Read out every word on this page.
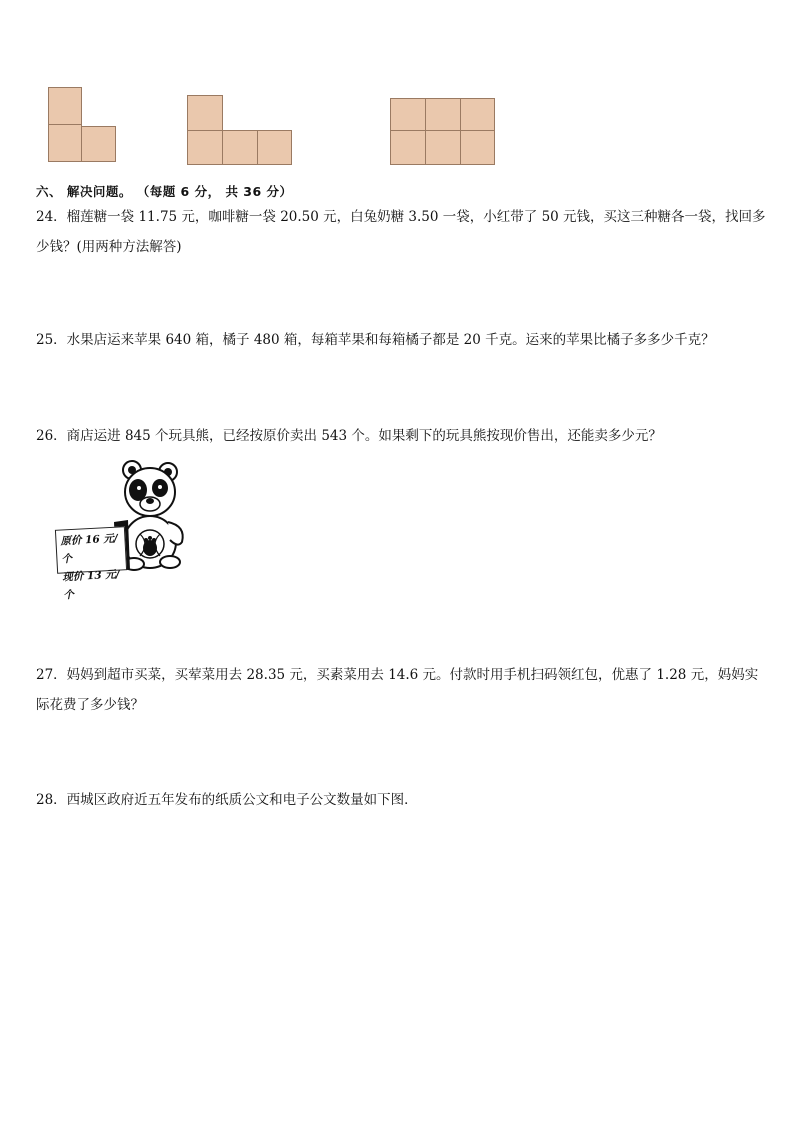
六、 解决问题。 （每题 6 分， 共 36 分）
24．榴莲糖一袋 11.75 元，咖啡糖一袋 20.50 元，白兔奶糖 3.50 一袋，小红带了 50 元钱，买这三种糖各一袋，找回多
少钱？(用两种方法解答)
25．水果店运来苹果 640 箱，橘子 480 箱，每箱苹果和每箱橘子都是 20 千克。运来的苹果比橘子多多少千克？
26．商店运进 845 个玩具熊，已经按原价卖出 543 个。如果剩下的玩具熊按现价售出，还能卖多少元？
原价 16 元/个
现价 13 元/个
27．妈妈到超市买菜，买荤菜用去 28.35 元，买素菜用去 14.6 元。付款时用手机扫码领红包，优惠了 1.28 元，妈妈实
际花费了多少钱？
28．西城区政府近五年发布的纸质公文和电子公文数量如下图．
